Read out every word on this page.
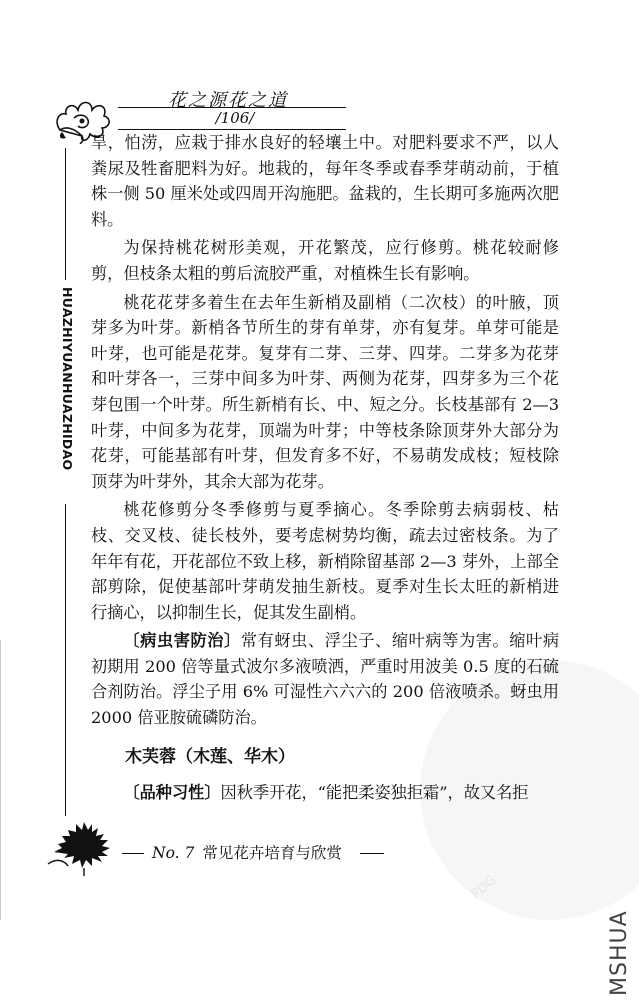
PDG
花之源花之道
/106/
HUAZHIYUANHUAZHIDAO

旱，怕涝，应栽于排水良好的轻壤土中。对肥料要求不严，以人粪尿及牲畜肥料为好。地栽的，每年冬季或春季芽萌动前，于植株一侧 50 厘米处或四周开沟施肥。盆栽的，生长期可多施两次肥料。

为保持桃花树形美观，开花繁茂，应行修剪。桃花较耐修剪，但枝条太粗的剪后流胶严重，对植株生长有影响。

桃花花芽多着生在去年生新梢及副梢（二次枝）的叶腋，顶芽多为叶芽。新梢各节所生的芽有单芽，亦有复芽。单芽可能是叶芽，也可能是花芽。复芽有二芽、三芽、四芽。二芽多为花芽和叶芽各一，三芽中间多为叶芽、两侧为花芽，四芽多为三个花芽包围一个叶芽。所生新梢有长、中、短之分。长枝基部有 2—3 叶芽，中间多为花芽，顶端为叶芽；中等枝条除顶芽外大部分为花芽，可能基部有叶芽，但发育多不好，不易萌发成枝；短枝除顶芽为叶芽外，其余大部为花芽。

桃花修剪分冬季修剪与夏季摘心。冬季除剪去病弱枝、枯枝、交叉枝、徒长枝外，要考虑树势均衡，疏去过密枝条。为了年年有花，开花部位不致上移，新梢除留基部 2—3 芽外，上部全部剪除，促使基部叶芽萌发抽生新枝。夏季对生长太旺的新梢进行摘心，以抑制生长，促其发生副梢。

〔病虫害防治〕常有蚜虫、浮尘子、缩叶病等为害。缩叶病初期用 200 倍等量式波尔多液喷洒，严重时用波美 0.5 度的石硫合剂防治。浮尘子用 6% 可湿性六六六的 200 倍液喷杀。蚜虫用 2000 倍亚胺硫磷防治。

木芙蓉（木莲、华木）

〔品种习性〕因秋季开花，“能把柔姿独拒霜”，故又名拒

No. 7 常见花卉培育与欣赏
MSHUA
